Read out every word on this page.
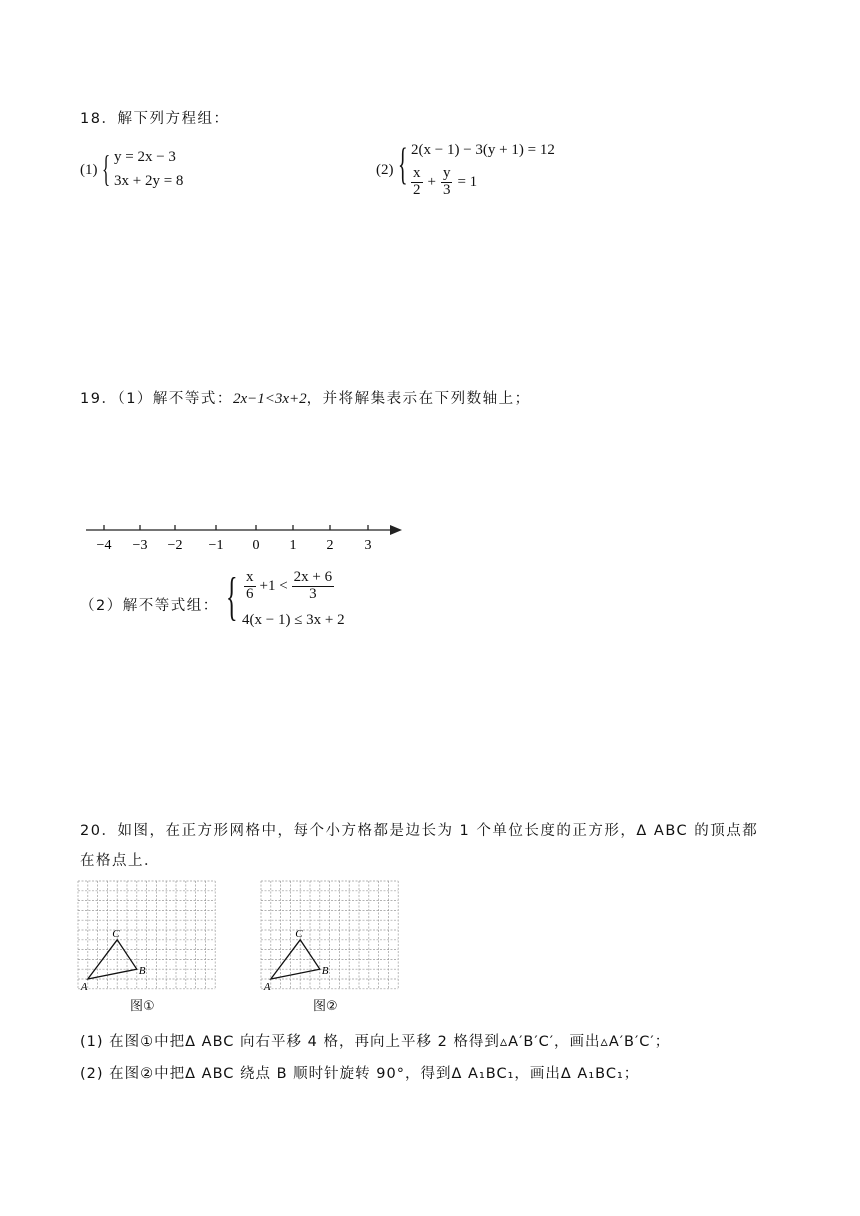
18．解下列方程组：
(1) { y = 2x − 3
3x + 2y = 8
(2) { 2(x − 1) − 3(y + 1) = 12
$\frac{x}{2} + \frac{y}{3} = 1$
19．（1）解不等式：2x−1<3x+2，并将解集表示在下列数轴上；
−4 −3 −2 −1 0 1 2 3
（2）解不等式组： { $\frac{x}{6} +1 < \frac{2x + 6}{3}$
4(x − 1) ≤ 3x + 2
20．如图，在正方形网格中，每个小方格都是边长为 1 个单位长度的正方形，Δ ABC 的顶点都
在格点上．
A
B
C
图①
A
B
C
图②
(1) 在图①中把Δ ABC 向右平移 4 格，再向上平移 2 格得到▵A′B′C′，画出▵A′B′C′；
(2) 在图②中把Δ ABC 绕点 B 顺时针旋转 90°，得到Δ A₁BC₁，画出Δ A₁BC₁；
